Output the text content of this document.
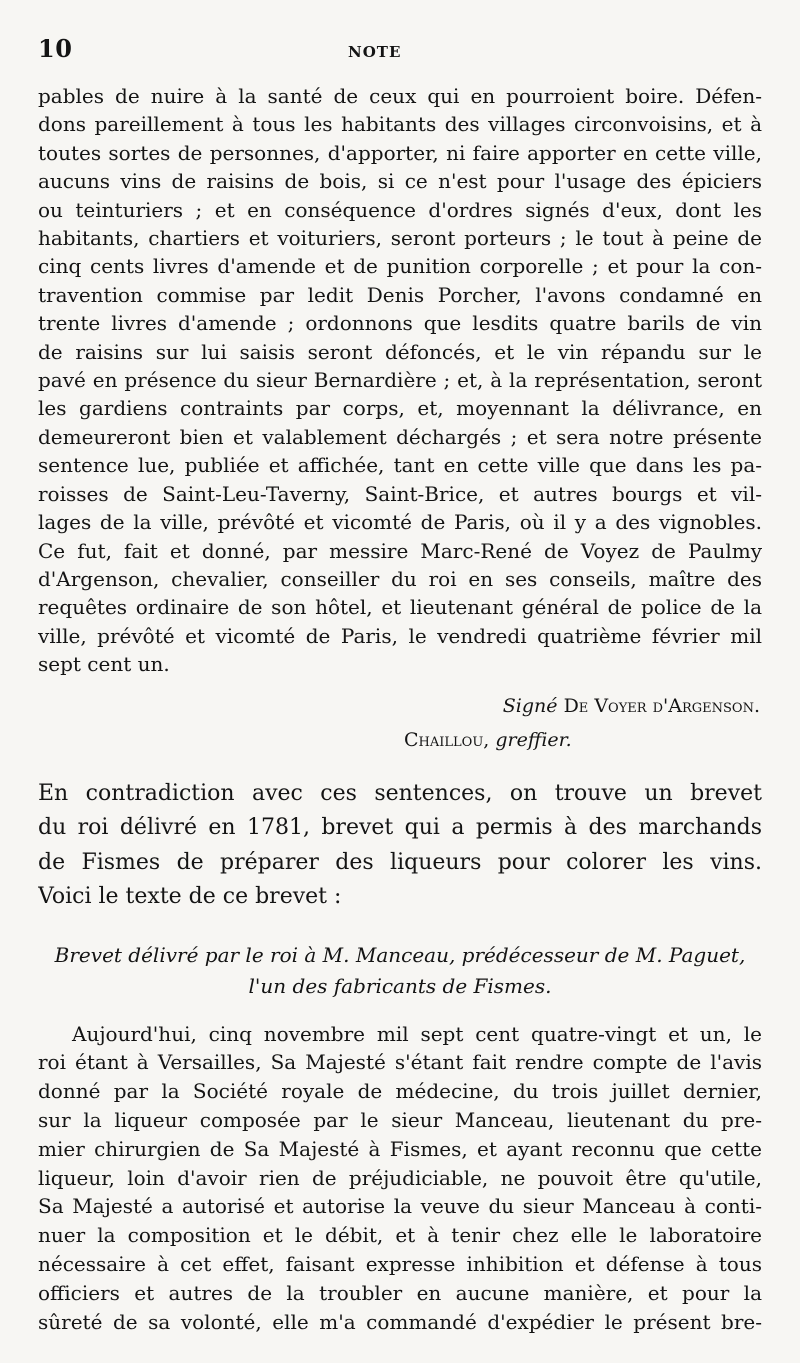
10	NOTE
pables de nuire à la santé de ceux qui en pourroient boire. Défen-
dons pareillement à tous les habitants des villages circonvoisins, et à
toutes sortes de personnes, d'apporter, ni faire apporter en cette ville,
aucuns vins de raisins de bois, si ce n'est pour l'usage des épiciers
ou teinturiers ; et en conséquence d'ordres signés d'eux, dont les
habitants, chartiers et voituriers, seront porteurs ; le tout à peine de
cinq cents livres d'amende et de punition corporelle ; et pour la con-
travention commise par ledit Denis Porcher, l'avons condamné en
trente livres d'amende ; ordonnons que lesdits quatre barils de vin
de raisins sur lui saisis seront défoncés, et le vin répandu sur le
pavé en présence du sieur Bernardière ; et, à la représentation, seront
les gardiens contraints par corps, et, moyennant la délivrance, en
demeureront bien et valablement déchargés ; et sera notre présente
sentence lue, publiée et affichée, tant en cette ville que dans les pa-
roisses de Saint-Leu-Taverny, Saint-Brice, et autres bourgs et vil-
lages de la ville, prévôté et vicomté de Paris, où il y a des vignobles.
Ce fut, fait et donné, par messire Marc-René de Voyez de Paulmy
d'Argenson, chevalier, conseiller du roi en ses conseils, maître des
requêtes ordinaire de son hôtel, et lieutenant général de police de la
ville, prévôté et vicomté de Paris, le vendredi quatrième février mil
sept cent un.
Signé De Voyer d'Argenson.
Chaillou, greffier.
En contradiction avec ces sentences, on trouve un brevet
du roi délivré en 1781, brevet qui a permis à des marchands
de Fismes de préparer des liqueurs pour colorer les vins.
Voici le texte de ce brevet :
Brevet délivré par le roi à M. Manceau, prédécesseur de M. Paguet,
l'un des fabricants de Fismes.
Aujourd'hui, cinq novembre mil sept cent quatre-vingt et un, le
roi étant à Versailles, Sa Majesté s'étant fait rendre compte de l'avis
donné par la Société royale de médecine, du trois juillet dernier,
sur la liqueur composée par le sieur Manceau, lieutenant du pre-
mier chirurgien de Sa Majesté à Fismes, et ayant reconnu que cette
liqueur, loin d'avoir rien de préjudiciable, ne pouvoit être qu'utile,
Sa Majesté a autorisé et autorise la veuve du sieur Manceau à conti-
nuer la composition et le débit, et à tenir chez elle le laboratoire
nécessaire à cet effet, faisant expresse inhibition et défense à tous
officiers et autres de la troubler en aucune manière, et pour la
sûreté de sa volonté, elle m'a commandé d'expédier le présent bre-
